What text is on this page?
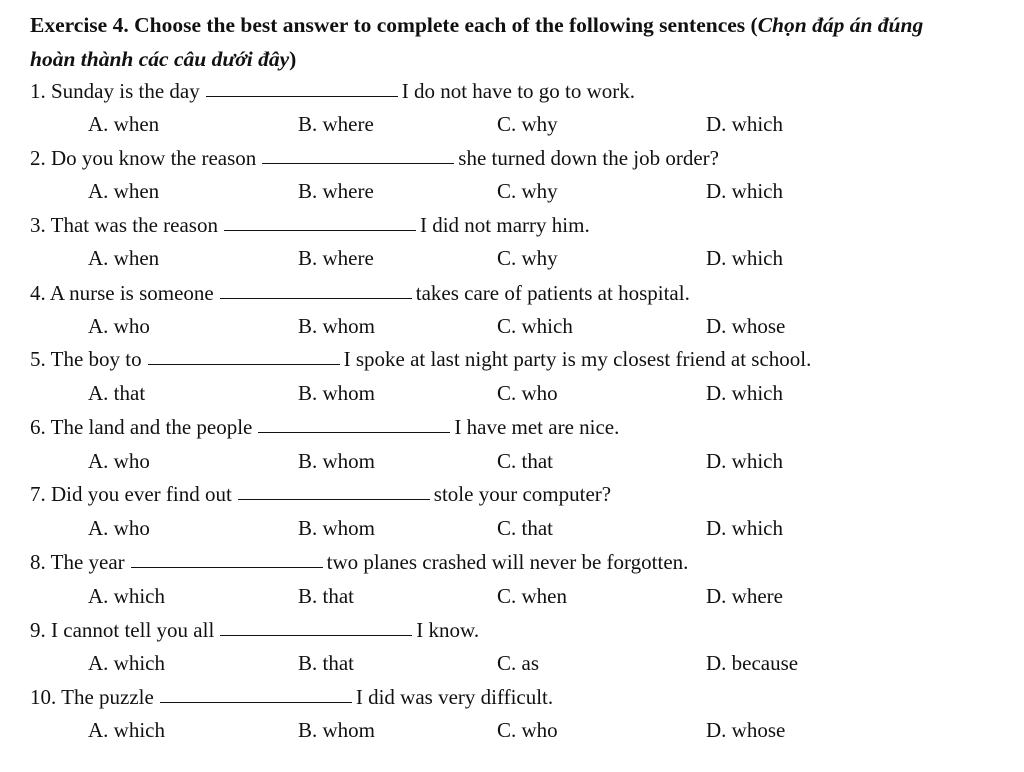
Exercise 4. Choose the best answer to complete each of the following sentences (Chọn đáp án đúng
hoàn thành các câu dưới đây)
1. Sunday is the day	I do not have to go to work.
A. when	B. where	C. why	D. which
2. Do you know the reason	she turned down the job order?
A. when	B. where	C. why	D. which
3. That was the reason	I did not marry him.
A. when	B. where	C. why	D. which
4. A nurse is someone	takes care of patients at hospital.
A. who	B. whom	C. which	D. whose
5. The boy to	I spoke at last night party is my closest friend at school.
A. that	B. whom	C. who	D. which
6. The land and the people	I have met are nice.
A. who	B. whom	C. that	D. which
7. Did you ever find out	stole your computer?
A. who	B. whom	C. that	D. which
8. The year	two planes crashed will never be forgotten.
A. which	B. that	C. when	D. where
9. I cannot tell you all	I know.
A. which	B. that	C. as	D. because
10. The puzzle	I did was very difficult.
A. which	B. whom	C. who	D. whose
